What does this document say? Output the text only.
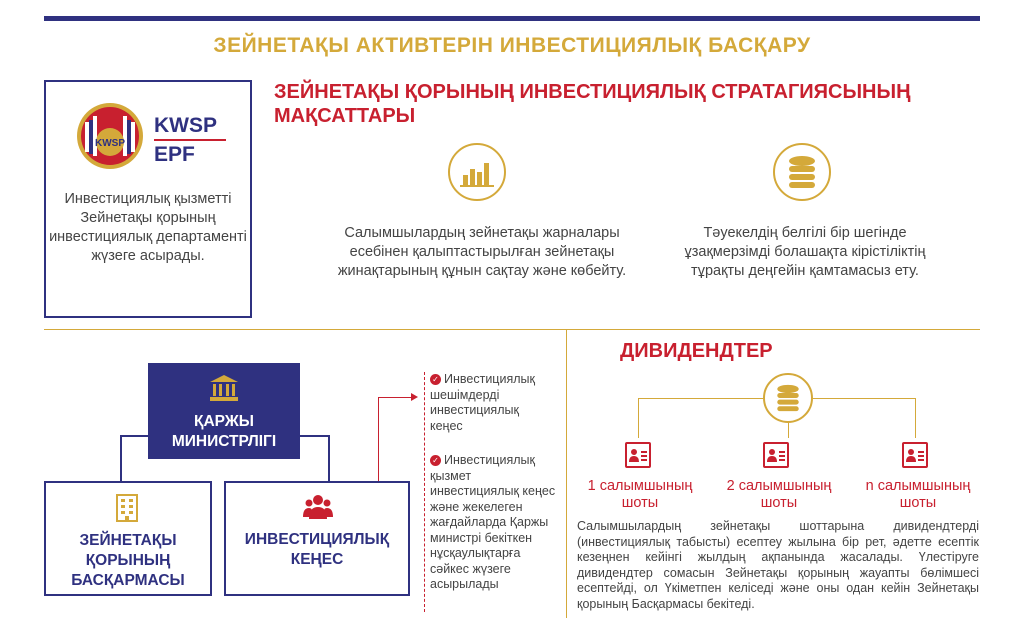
ЗЕЙНЕТАҚЫ АКТИВТЕРІН ИНВЕСТИЦИЯЛЫҚ БАСҚАРУ
KWSP
KWSP
EPF
Инвестициялық қызметті Зейнетақы қорының инвестициялық департаменті жүзеге асырады.
ЗЕЙНЕТАҚЫ ҚОРЫНЫҢ ИНВЕСТИЦИЯЛЫҚ СТРАТАГИЯСЫНЫҢ МАҚСАТТАРЫ
Салымшылардың зейнетақы жарналары есебінен қалыптастырылған зейнетақы жинақтарының құнын сақтау және көбейту.
Тәуекелдің белгілі бір шегінде ұзақмерзімді болашақта кірістіліктің тұрақты деңгейін қамтамасыз ету.
ҚАРЖЫ МИНИСТРЛІГІ
ЗЕЙНЕТАҚЫ ҚОРЫНЫҢ БАСҚАРМАСЫ
ИНВЕСТИЦИЯЛЫҚ КЕҢЕС
✓ Инвестициялық шешімдерді инвестициялық кеңес
✓ Инвестициялық қызмет инвестициялық кеңес және жекелеген жағдайларда Қаржы министрі бекіткен нұсқаулықтарға сәйкес жүзеге асырылады
ДИВИДЕНДТЕР
1 салымшының шоты
2 салымшының шоты
n салымшының шоты
Салымшылардың зейнетақы шоттарына дивидендтерді (инвестициялық табысты) есептеу жылына бір рет, әдетте есептік кезеңнен кейінгі жылдың ақпанында жасалады. Үлестіруге дивидендтер сомасын Зейнетақы қорының жауапты бөлімшесі есептейді, ол Үкіметпен келіседі және оны одан кейін Зейнетақы қорының Басқармасы бекітеді.
